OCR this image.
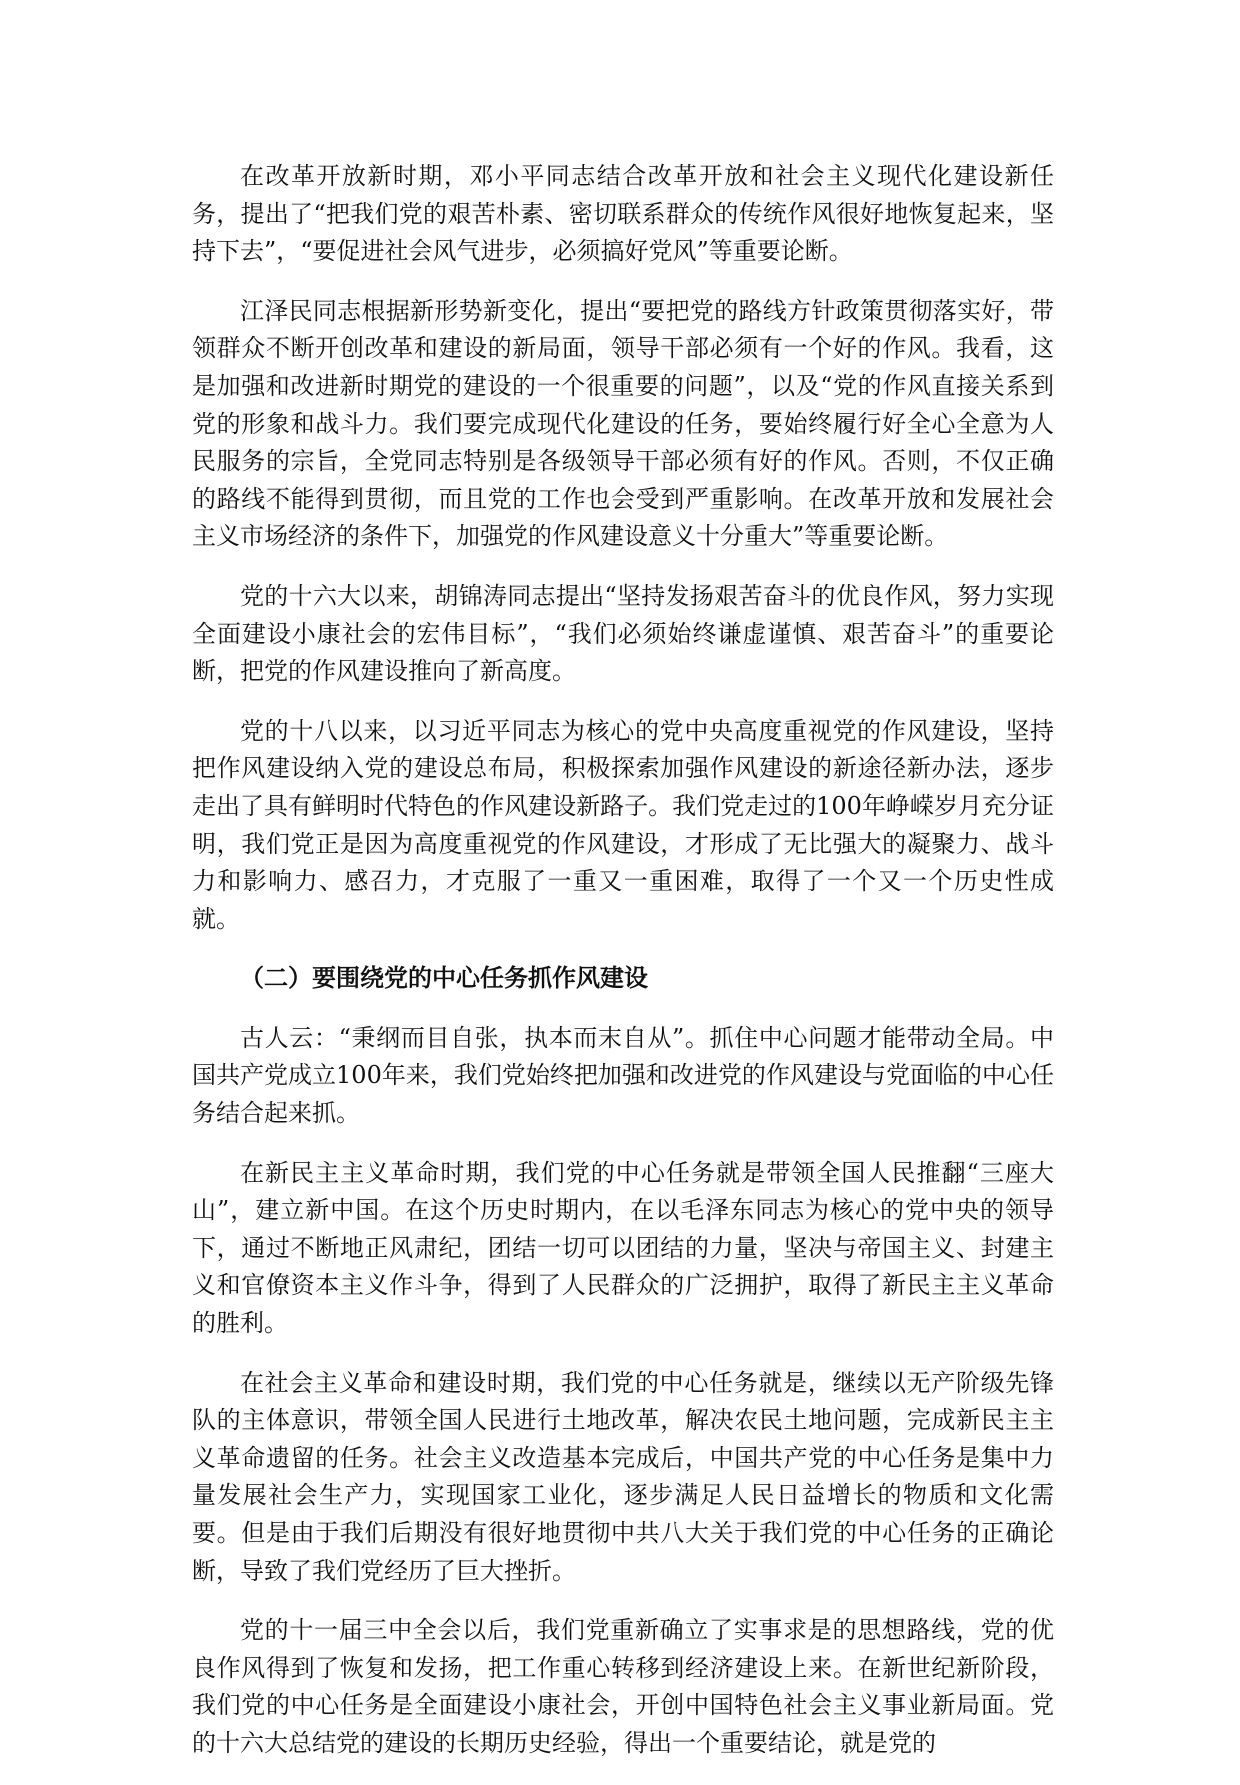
在改革开放新时期，邓小平同志结合改革开放和社会主义现代化建设新任务，提出了“把我们党的艰苦朴素、密切联系群众的传统作风很好地恢复起来，坚持下去”，“要促进社会风气进步，必须搞好党风”等重要论断。

江泽民同志根据新形势新变化，提出“要把党的路线方针政策贯彻落实好，带领群众不断开创改革和建设的新局面，领导干部必须有一个好的作风。我看，这是加强和改进新时期党的建设的一个很重要的问题”，以及“党的作风直接关系到党的形象和战斗力。我们要完成现代化建设的任务，要始终履行好全心全意为人民服务的宗旨，全党同志特别是各级领导干部必须有好的作风。否则，不仅正确的路线不能得到贯彻，而且党的工作也会受到严重影响。在改革开放和发展社会主义市场经济的条件下，加强党的作风建设意义十分重大”等重要论断。

党的十六大以来，胡锦涛同志提出“坚持发扬艰苦奋斗的优良作风，努力实现全面建设小康社会的宏伟目标”，“我们必须始终谦虚谨慎、艰苦奋斗”的重要论断，把党的作风建设推向了新高度。

党的十八以来，以习近平同志为核心的党中央高度重视党的作风建设，坚持把作风建设纳入党的建设总布局，积极探索加强作风建设的新途径新办法，逐步走出了具有鲜明时代特色的作风建设新路子。我们党走过的100年峥嵘岁月充分证明，我们党正是因为高度重视党的作风建设，才形成了无比强大的凝聚力、战斗力和影响力、感召力，才克服了一重又一重困难，取得了一个又一个历史性成就。

（二）要围绕党的中心任务抓作风建设

古人云：“秉纲而目自张，执本而末自从”。抓住中心问题才能带动全局。中国共产党成立100年来，我们党始终把加强和改进党的作风建设与党面临的中心任务结合起来抓。

在新民主主义革命时期，我们党的中心任务就是带领全国人民推翻“三座大山”，建立新中国。在这个历史时期内，在以毛泽东同志为核心的党中央的领导下，通过不断地正风肃纪，团结一切可以团结的力量，坚决与帝国主义、封建主义和官僚资本主义作斗争，得到了人民群众的广泛拥护，取得了新民主主义革命的胜利。

在社会主义革命和建设时期，我们党的中心任务就是，继续以无产阶级先锋队的主体意识，带领全国人民进行土地改革，解决农民土地问题，完成新民主主义革命遗留的任务。社会主义改造基本完成后，中国共产党的中心任务是集中力量发展社会生产力，实现国家工业化，逐步满足人民日益增长的物质和文化需要。但是由于我们后期没有很好地贯彻中共八大关于我们党的中心任务的正确论断，导致了我们党经历了巨大挫折。

党的十一届三中全会以后，我们党重新确立了实事求是的思想路线，党的优良作风得到了恢复和发扬，把工作重心转移到经济建设上来。在新世纪新阶段，我们党的中心任务是全面建设小康社会，开创中国特色社会主义事业新局面。党的十六大总结党的建设的长期历史经验，得出一个重要结论，就是党的
